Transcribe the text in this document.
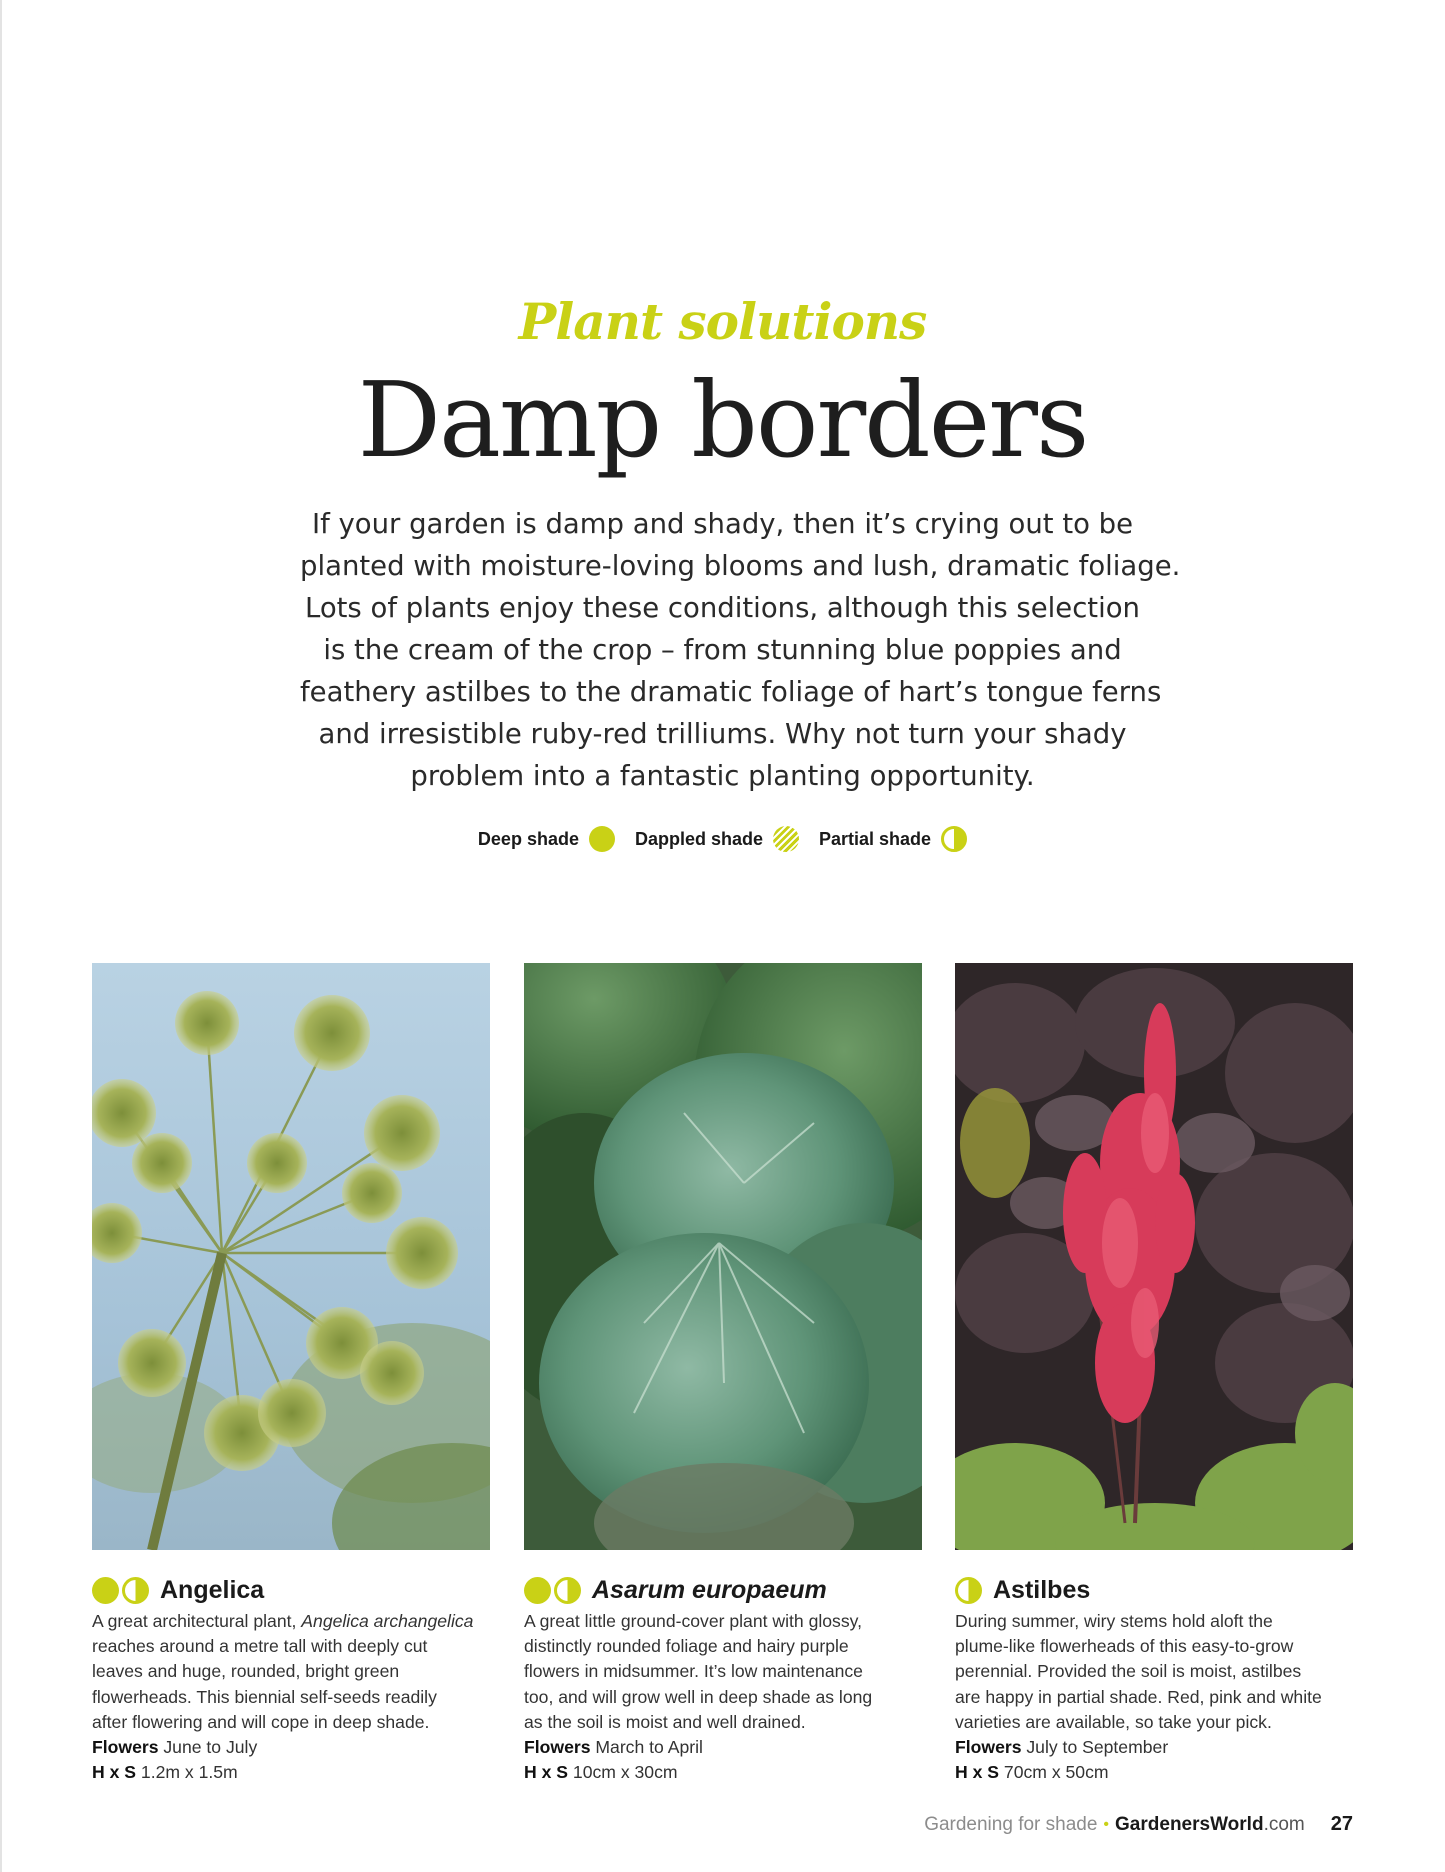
Plant solutions
Damp borders

If your garden is damp and shady, then it’s crying out to be
planted with moisture-loving blooms and lush, dramatic foliage.
Lots of plants enjoy these conditions, although this selection
is the cream of the crop – from stunning blue poppies and
feathery astilbes to the dramatic foliage of hart’s tongue ferns
and irresistible ruby-red trilliums. Why not turn your shady
problem into a fantastic planting opportunity.

Deep shade	Dappled shade	Partial shade
Angelica

A great architectural plant, Angelica archangelica
reaches around a metre tall with deeply cut
leaves and huge, rounded, bright green
flowerheads. This biennial self-seeds readily
after flowering and will cope in deep shade.

Flowers June to July
H x S 1.2m x 1.5m
Asarum europaeum

A great little ground-cover plant with glossy,
distinctly rounded foliage and hairy purple
flowers in midsummer. It’s low maintenance
too, and will grow well in deep shade as long
as the soil is moist and well drained.

Flowers March to April
H x S 10cm x 30cm
Astilbes

During summer, wiry stems hold aloft the
plume-like flowerheads of this easy-to-grow
perennial. Provided the soil is moist, astilbes
are happy in partial shade. Red, pink and white
varieties are available, so take your pick.

Flowers July to September
H x S 70cm x 50cm
Gardening for shade • GardenersWorld .com 27
